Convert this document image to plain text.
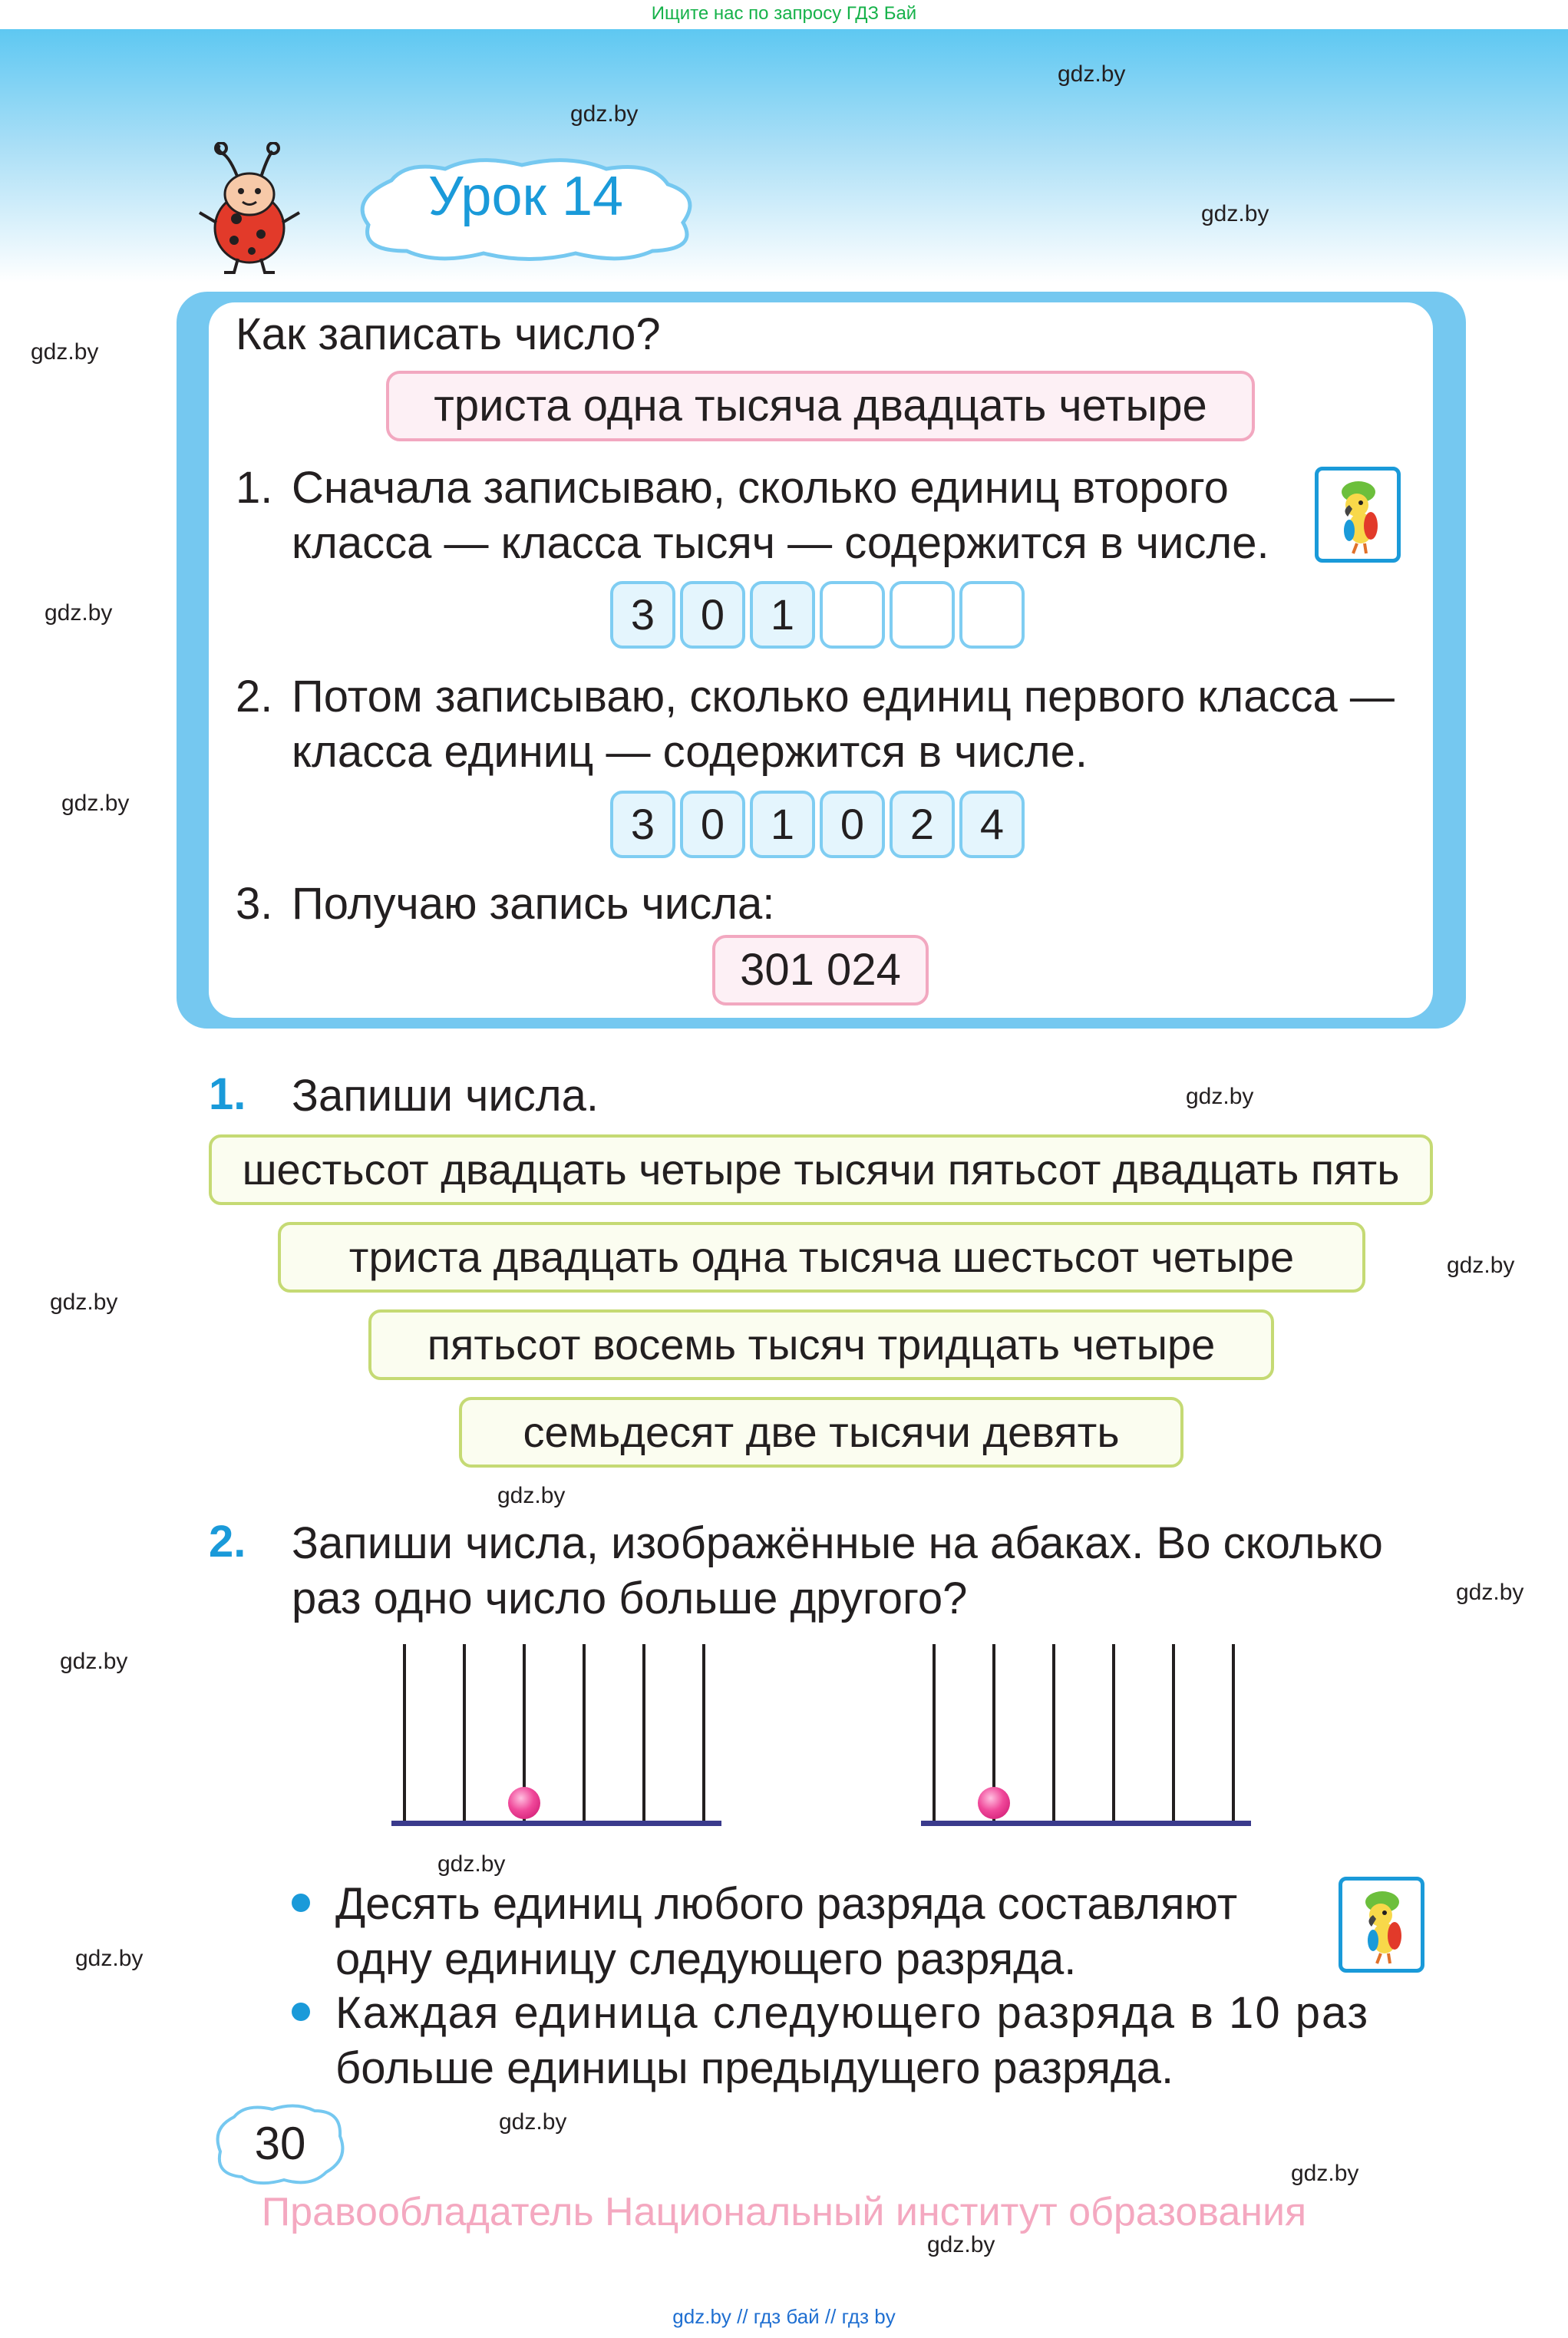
Ищите нас по запросу ГДЗ Бай
gdz.by
gdz.by
gdz.by
gdz.by
gdz.by
gdz.by
gdz.by
gdz.by
gdz.by
gdz.by
gdz.by
gdz.by
gdz.by
gdz.by
gdz.by
gdz.by
gdz.by
Урок 14
Как записать число?
триста одна тысяча двадцать четыре
1. Сначала записываю, сколько единиц второго
класса — класса тысяч — содержится в числе.
3	0	1
2. Потом записываю, сколько единиц первого класса —
класса единиц — содержится в числе.
3	0	1	0	2	4
3. Получаю запись числа:
301 024
1. Запиши числа.
шестьсот двадцать четыре тысячи пятьсот двадцать пять
триста двадцать одна тысяча шестьсот четыре
пятьсот восемь тысяч тридцать четыре
семьдесят две тысячи девять
2. Запиши числа, изображённые на абаках. Во сколько
раз одно число больше другого?
Десять единиц любого разряда составляют
одну единицу следующего разряда.
Каждая единица следующего разряда в 10 раз
больше единицы предыдущего разряда.
30
Правообладатель Национальный институт образования
gdz.by // гдз бай // гдз by
